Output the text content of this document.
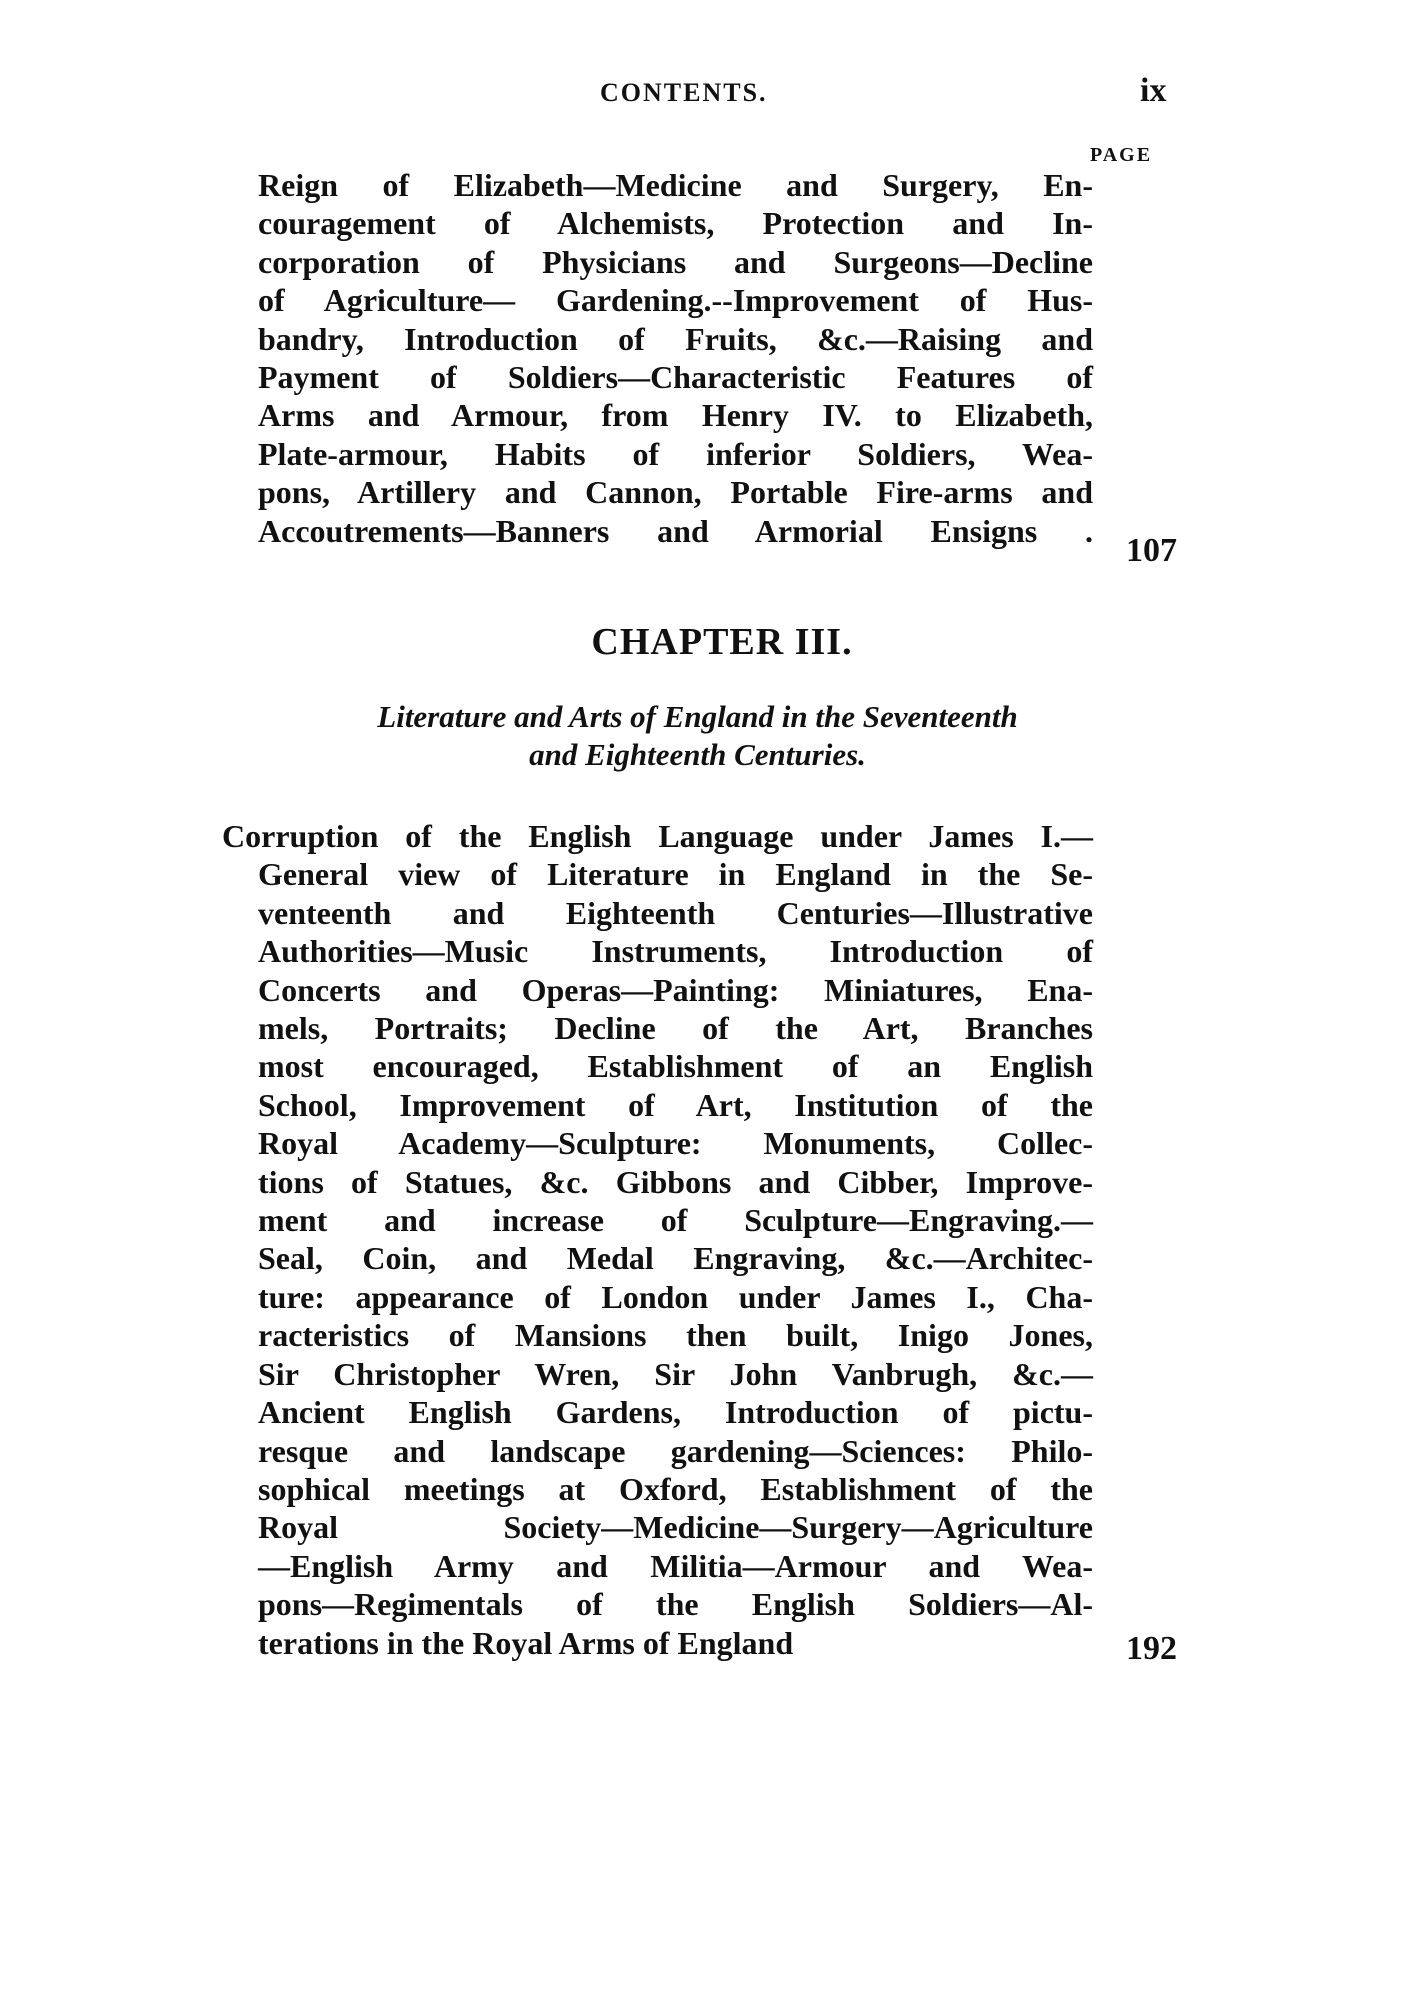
CONTENTS.	ix
PAGE
Reign of Elizabeth—Medicine and Surgery, En-
couragement of Alchemists, Protection and In-
corporation of Physicians and Surgeons—Decline
of Agriculture— Gardening.--Improvement of Hus-
bandry, Introduction of Fruits, &c.—Raising and
Payment of Soldiers—Characteristic Features of
Arms and Armour, from Henry IV. to Elizabeth,
Plate-armour, Habits of inferior Soldiers, Wea-
pons, Artillery and Cannon, Portable Fire-arms and
Accoutrements—Banners and Armorial Ensigns .
107
CHAPTER III.
Literature and Arts of England in the Seventeenth
and Eighteenth Centuries.
Corruption of the English Language under James I.—
General view of Literature in England in the Se-
venteenth and Eighteenth Centuries—Illustrative
Authorities—Music Instruments, Introduction of
Concerts and Operas—Painting: Miniatures, Ena-
mels, Portraits; Decline of the Art, Branches
most encouraged, Establishment of an English
School, Improvement of Art, Institution of the
Royal Academy—Sculpture: Monuments, Collec-
tions of Statues, &c. Gibbons and Cibber, Improve-
ment and increase of Sculpture—Engraving.—
Seal, Coin, and Medal Engraving, &c.—Architec-
ture: appearance of London under James I., Cha-
racteristics of Mansions then built, Inigo Jones,
Sir Christopher Wren, Sir John Vanbrugh, &c.—
Ancient English Gardens, Introduction of pictu-
resque and landscape gardening—Sciences: Philo-
sophical meetings at Oxford, Establishment of the
Royal Society—Medicine—Surgery—Agriculture
—English Army and Militia—Armour and Wea-
pons—Regimentals of the English Soldiers—Al-
terations in the Royal Arms of England	192
